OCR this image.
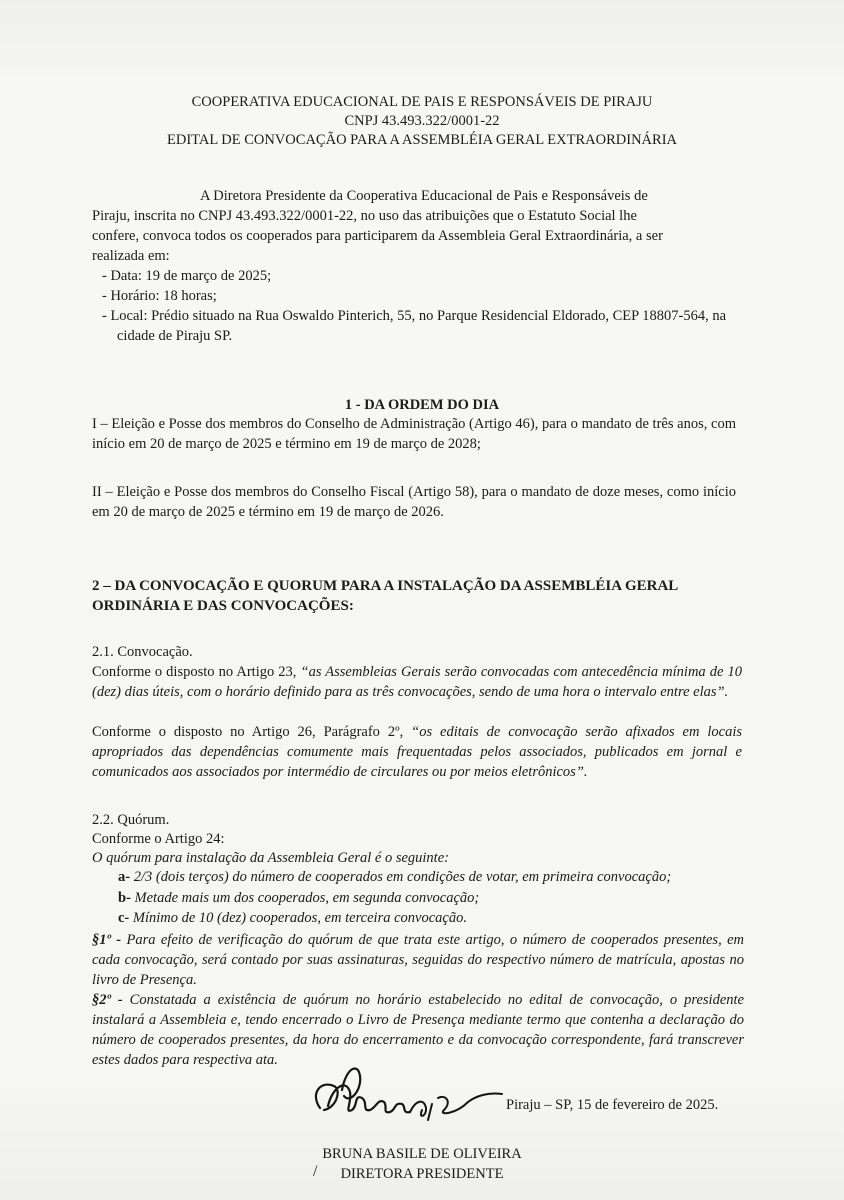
COOPERATIVA EDUCACIONAL DE PAIS E RESPONSÁVEIS DE PIRAJU
CNPJ 43.493.322/0001-22
EDITAL DE CONVOCAÇÃO PARA A ASSEMBLÉIA GERAL EXTRAORDINÁRIA
A Diretora Presidente da Cooperativa Educacional de Pais e Responsáveis de
Piraju, inscrita no CNPJ 43.493.322/0001-22, no uso das atribuições que o Estatuto Social lhe
confere, convoca todos os cooperados para participarem da Assembleia Geral Extraordinária, a ser
realizada em:
- Data: 19 de março de 2025;
- Horário: 18 horas;
- Local: Prédio situado na Rua Oswaldo Pinterich, 55, no Parque Residencial Eldorado, CEP 18807-564, na cidade de Piraju SP.
1 - DA ORDEM DO DIA
I – Eleição e Posse dos membros do Conselho de Administração (Artigo 46), para o mandato de três anos, com início em 20 de março de 2025 e término em 19 de março de 2028;
II – Eleição e Posse dos membros do Conselho Fiscal (Artigo 58), para o mandato de doze meses, como início em 20 de março de 2025 e término em 19 de março de 2026.
2 – DA CONVOCAÇÃO E QUORUM PARA A INSTALAÇÃO DA ASSEMBLÉIA GERAL ORDINÁRIA E DAS CONVOCAÇÕES:
2.1. Convocação.
Conforme o disposto no Artigo 23, “as Assembleias Gerais serão convocadas com antecedência mínima de 10 (dez) dias úteis, com o horário definido para as três convocações, sendo de uma hora o intervalo entre elas”.
Conforme o disposto no Artigo 26, Parágrafo 2º, “os editais de convocação serão afixados em locais apropriados das dependências comumente mais frequentadas pelos associados, publicados em jornal e comunicados aos associados por intermédio de circulares ou por meios eletrônicos”.
2.2. Quórum.
Conforme o Artigo 24:
O quórum para instalação da Assembleia Geral é o seguinte:
a- 2/3 (dois terços) do número de cooperados em condições de votar, em primeira convocação;
b- Metade mais um dos cooperados, em segunda convocação;
c- Mínimo de 10 (dez) cooperados, em terceira convocação.
§1º - Para efeito de verificação do quórum de que trata este artigo, o número de cooperados presentes, em cada convocação, será contado por suas assinaturas, seguidas do respectivo número de matrícula, apostas no livro de Presença.
§2º - Constatada a existência de quórum no horário estabelecido no edital de convocação, o presidente instalará a Assembleia e, tendo encerrado o Livro de Presença mediante termo que contenha a declaração do número de cooperados presentes, da hora do encerramento e da convocação correspondente, fará transcrever estes dados para respectiva ata.
Piraju – SP, 15 de fevereiro de 2025.
BRUNA BASILE DE OLIVEIRA
DIRETORA PRESIDENTE
/
